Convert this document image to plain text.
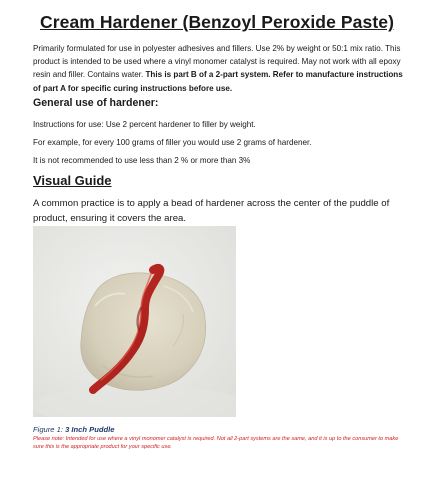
Cream Hardener (Benzoyl Peroxide Paste)
Primarily formulated for use in polyester adhesives and fillers. Use 2% by weight or 50:1 mix ratio. This product is intended to be used where a vinyl monomer catalyst is required. May not work with all epoxy resin and filler. Contains water. This is part B of a 2-part system. Refer to manufacture instructions of part A for specific curing instructions before use.
General use of hardener:
Instructions for use: Use 2 percent hardener to filler by weight.
For example, for every 100 grams of filler you would use 2 grams of hardener.
It is not recommended to use less than 2 % or more than 3%
Visual Guide
A common practice is to apply a bead of hardener across the center of the puddle of product, ensuring it covers the area.
Figure 1: 3 Inch Puddle
Please note: Intended for use where a vinyl monomer catalyst is required. Not all 2-part systems are the same, and it is up to the consumer to make sure this is the appropriate product for your specific use.
